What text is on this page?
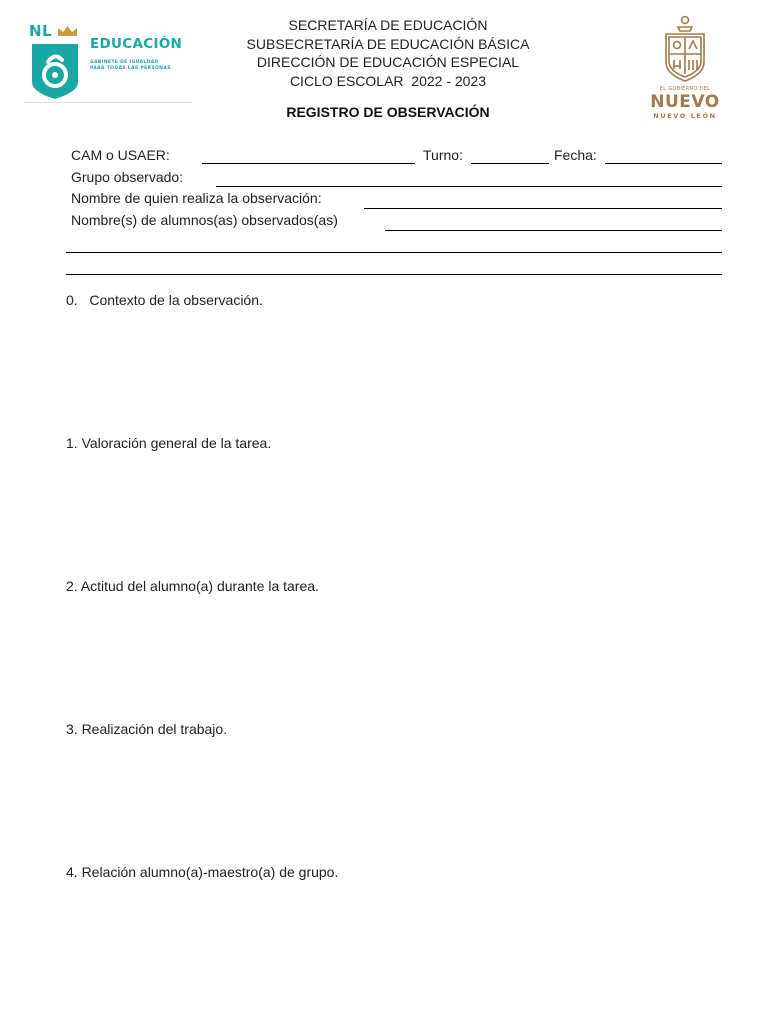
NL
EDUCACIÓN
GABINETE DE IGUALDAD
PARA TODAS LAS PERSONAS
EL GOBIERNO DEL
NUEVO
NUEVO LEÓN
SECRETARÍA DE EDUCACIÓN
SUBSECRETARÍA DE EDUCACIÓN BÁSICA
DIRECCIÓN DE EDUCACIÓN ESPECIAL
CICLO ESCOLAR  2022 - 2023
REGISTRO DE OBSERVACIÓN
CAM o USAER:	Turno:	Fecha:
Grupo observado:
Nombre de quien realiza la observación:
Nombre(s) de alumnos(as) observados(as)
0.   Contexto de la observación.
1. Valoración general de la tarea.
2. Actitud del alumno(a) durante la tarea.
3. Realización del trabajo.
4. Relación alumno(a)-maestro(a) de grupo.
